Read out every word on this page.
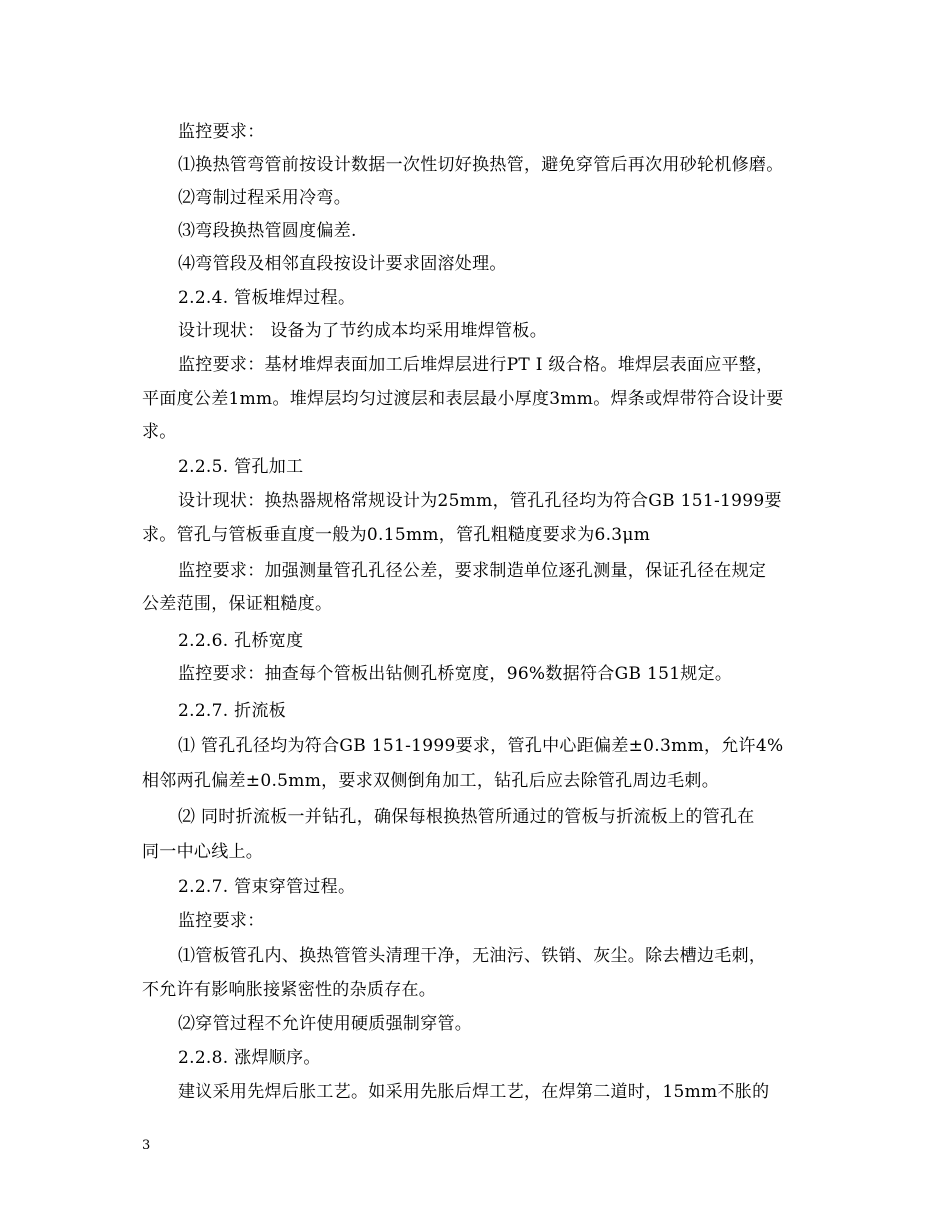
监控要求：
⑴换热管弯管前按设计数据一次性切好换热管，避免穿管后再次用砂轮机修磨。
⑵弯制过程采用冷弯。
⑶弯段换热管圆度偏差.
⑷弯管段及相邻直段按设计要求固溶处理。
2.2.4. 管板堆焊过程。
设计现状： 设备为了节约成本均采用堆焊管板。
监控要求：基材堆焊表面加工后堆焊层进行PT Ⅰ 级合格。堆焊层表面应平整，
平面度公差1mm。堆焊层均匀过渡层和表层最小厚度3mm。焊条或焊带符合设计要
求。
2.2.5. 管孔加工
设计现状：换热器规格常规设计为25mm，管孔孔径均为符合GB 151-1999要
求。管孔与管板垂直度一般为0.15mm，管孔粗糙度要求为6.3μm
监控要求：加强测量管孔孔径公差，要求制造单位逐孔测量，保证孔径在规定
公差范围，保证粗糙度。
2.2.6. 孔桥宽度
监控要求：抽查每个管板出钻侧孔桥宽度，96%数据符合GB 151规定。
2.2.7. 折流板
⑴ 管孔孔径均为符合GB 151-1999要求，管孔中心距偏差±0.3mm，允许4%
相邻两孔偏差±0.5mm，要求双侧倒角加工，钻孔后应去除管孔周边毛刺。
⑵ 同时折流板一并钻孔，确保每根换热管所通过的管板与折流板上的管孔在
同一中心线上。
2.2.7. 管束穿管过程。
监控要求：
⑴管板管孔内、换热管管头清理干净，无油污、铁销、灰尘。除去槽边毛刺，
不允许有影响胀接紧密性的杂质存在。
⑵穿管过程不允许使用硬质强制穿管。
2.2.8. 涨焊顺序。
建议采用先焊后胀工艺。如采用先胀后焊工艺，在焊第二道时，15mm不胀的
3
